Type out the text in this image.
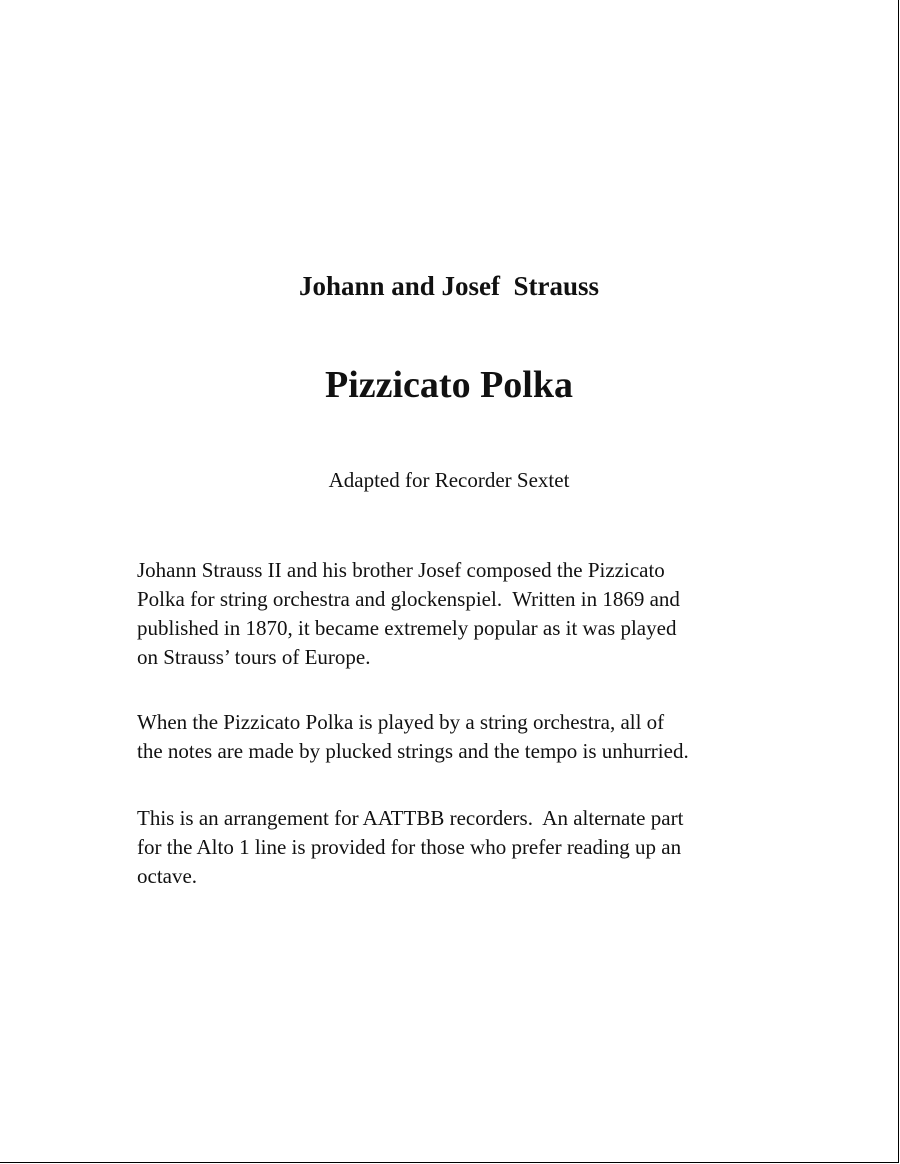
Johann and Josef  Strauss
Pizzicato Polka
Adapted for Recorder Sextet

Johann Strauss II and his brother Josef composed the Pizzicato
Polka for string orchestra and glockenspiel.  Written in 1869 and
published in 1870, it became extremely popular as it was played
on Strauss’ tours of Europe.

When the Pizzicato Polka is played by a string orchestra, all of
the notes are made by plucked strings and the tempo is unhurried.

This is an arrangement for AATTBB recorders.  An alternate part
for the Alto 1 line is provided for those who prefer reading up an
octave.
